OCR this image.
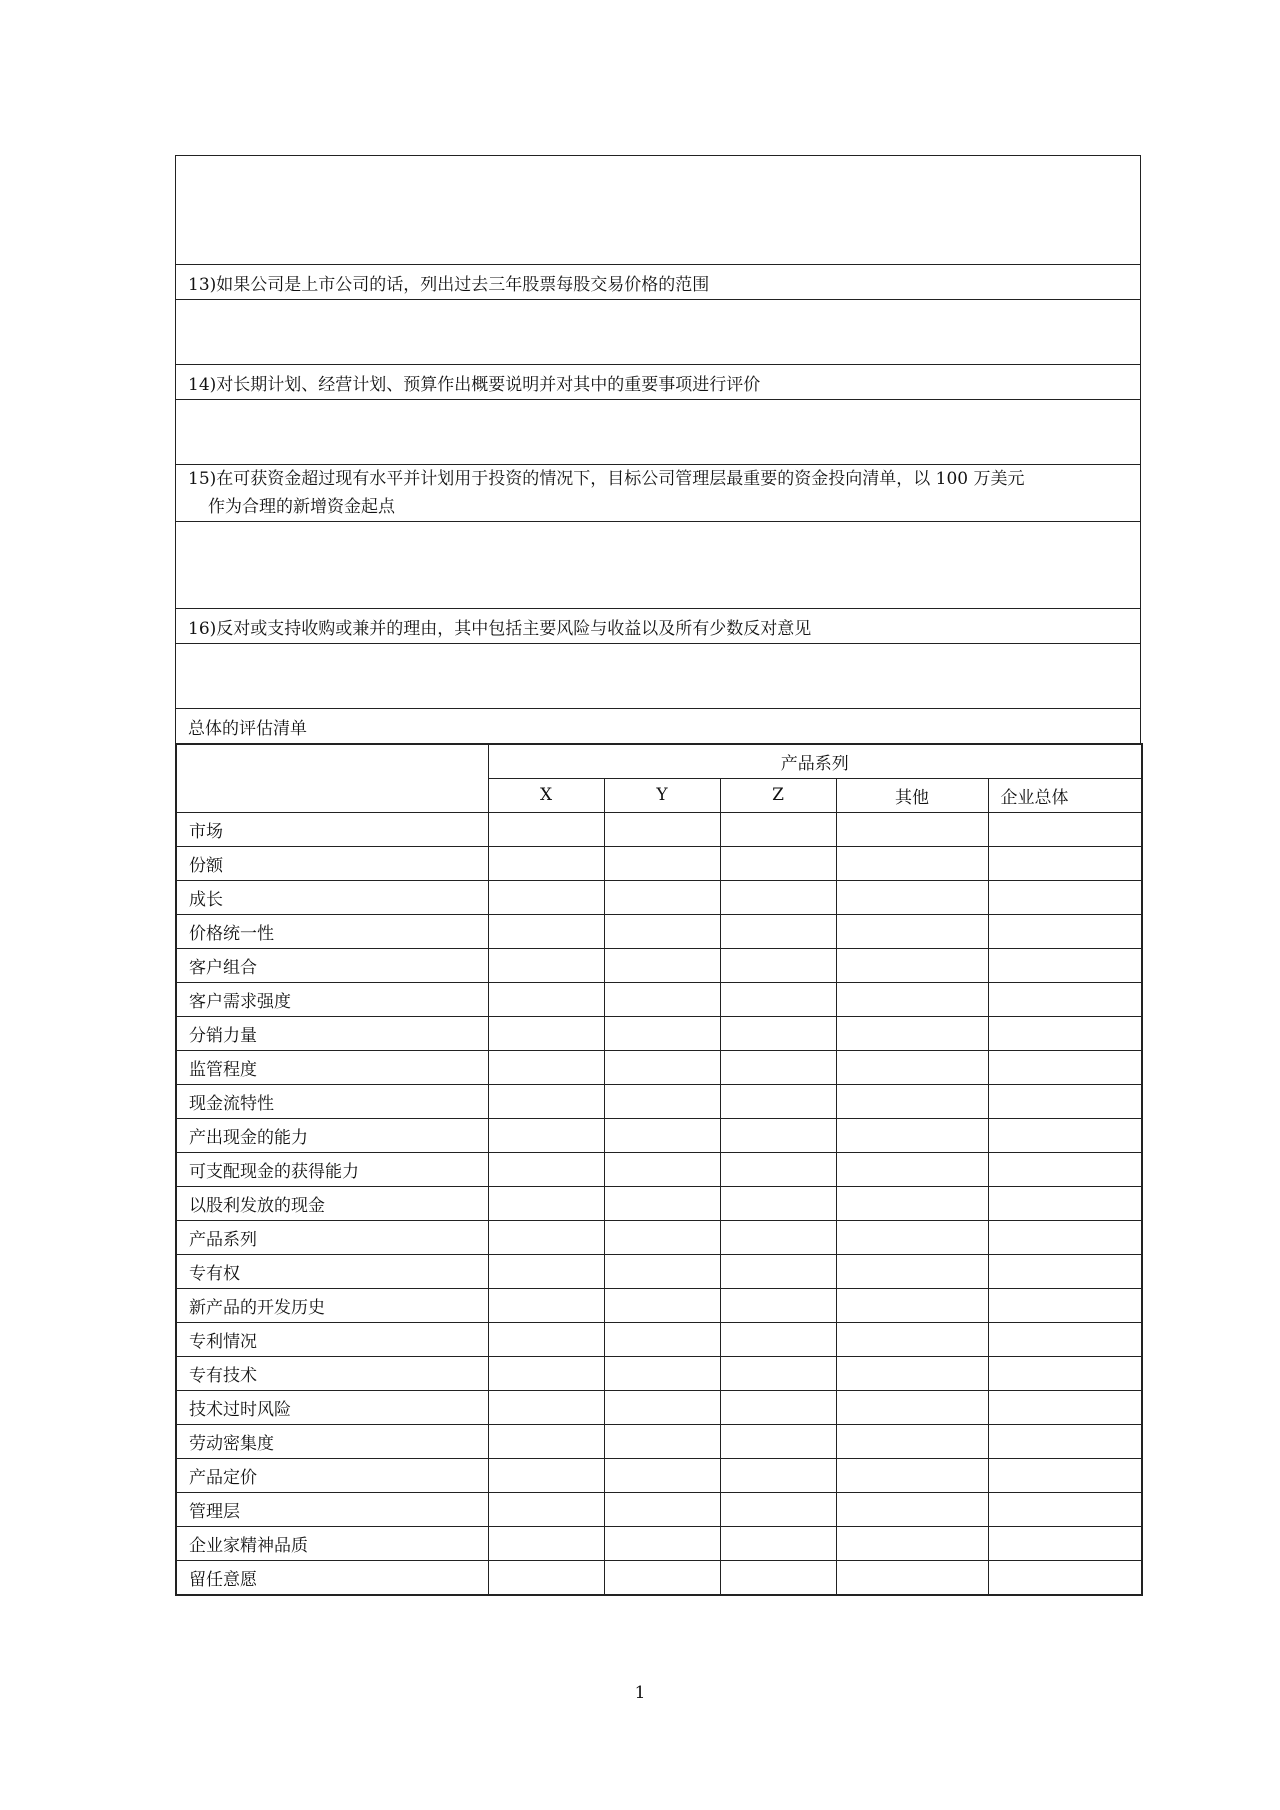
13)如果公司是上市公司的话，列出过去三年股票每股交易价格的范围

14)对长期计划、经营计划、预算作出概要说明并对其中的重要事项进行评价

15)在可获资金超过现有水平并计划用于投资的情况下，目标公司管理层最重要的资金投向清单，以 100 万美元
作为合理的新增资金起点

16)反对或支持收购或兼并的理由，其中包括主要风险与收益以及所有少数反对意见

总体的评估清单
	产品系列				
	X	Y	Z	其他	企业总体
市场					
份额					
成长					
价格统一性					
客户组合					
客户需求强度					
分销力量					
监管程度					
现金流特性					
产出现金的能力					
可支配现金的获得能力					
以股利发放的现金					
产品系列					
专有权					
新产品的开发历史					
专利情况					
专有技术					
技术过时风险					
劳动密集度					
产品定价					
管理层					
企业家精神品质					
留任意愿					
1
